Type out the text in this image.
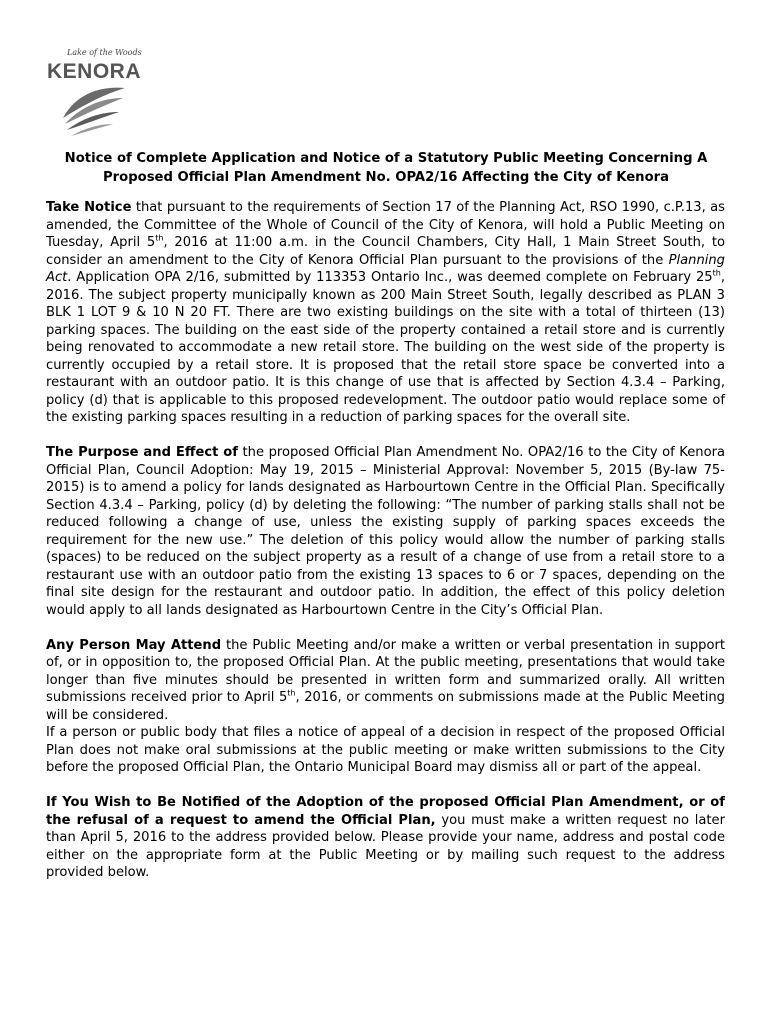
Lake of the Woods
KENORA
Notice of Complete Application and Notice of a Statutory Public Meeting Concerning A
Proposed Official Plan Amendment No. OPA2/16 Affecting the City of Kenora

Take Notice that pursuant to the requirements of Section 17 of the Planning Act, RSO 1990, c.P.13, as amended, the Committee of the Whole of Council of the City of Kenora, will hold a Public Meeting on Tuesday, April 5th, 2016 at 11:00 a.m. in the Council Chambers, City Hall, 1 Main Street South, to consider an amendment to the City of Kenora Official Plan pursuant to the provisions of the Planning Act. Application OPA 2/16, submitted by 113353 Ontario Inc., was deemed complete on February 25th, 2016. The subject property municipally known as 200 Main Street South, legally described as PLAN 3 BLK 1 LOT 9 & 10 N 20 FT. There are two existing buildings on the site with a total of thirteen (13) parking spaces. The building on the east side of the property contained a retail store and is currently being renovated to accommodate a new retail store. The building on the west side of the property is currently occupied by a retail store. It is proposed that the retail store space be converted into a restaurant with an outdoor patio. It is this change of use that is affected by Section 4.3.4 – Parking, policy (d) that is applicable to this proposed redevelopment. The outdoor patio would replace some of the existing parking spaces resulting in a reduction of parking spaces for the overall site.

The Purpose and Effect of the proposed Official Plan Amendment No. OPA2/16 to the City of Kenora Official Plan, Council Adoption: May 19, 2015 – Ministerial Approval: November 5, 2015 (By-law 75-2015) is to amend a policy for lands designated as Harbourtown Centre in the Official Plan. Specifically Section 4.3.4 – Parking, policy (d) by deleting the following: “The number of parking stalls shall not be reduced following a change of use, unless the existing supply of parking spaces exceeds the requirement for the new use.” The deletion of this policy would allow the number of parking stalls (spaces) to be reduced on the subject property as a result of a change of use from a retail store to a restaurant use with an outdoor patio from the existing 13 spaces to 6 or 7 spaces, depending on the final site design for the restaurant and outdoor patio. In addition, the effect of this policy deletion would apply to all lands designated as Harbourtown Centre in the City’s Official Plan.

Any Person May Attend the Public Meeting and/or make a written or verbal presentation in support of, or in opposition to, the proposed Official Plan. At the public meeting, presentations that would take longer than five minutes should be presented in written form and summarized orally. All written submissions received prior to April 5th, 2016, or comments on submissions made at the Public Meeting will be considered.

If a person or public body that files a notice of appeal of a decision in respect of the proposed Official Plan does not make oral submissions at the public meeting or make written submissions to the City before the proposed Official Plan, the Ontario Municipal Board may dismiss all or part of the appeal.

If You Wish to Be Notified of the Adoption of the proposed Official Plan Amendment, or of the refusal of a request to amend the Official Plan, you must make a written request no later than April 5, 2016 to the address provided below. Please provide your name, address and postal code either on the appropriate form at the Public Meeting or by mailing such request to the address provided below.
